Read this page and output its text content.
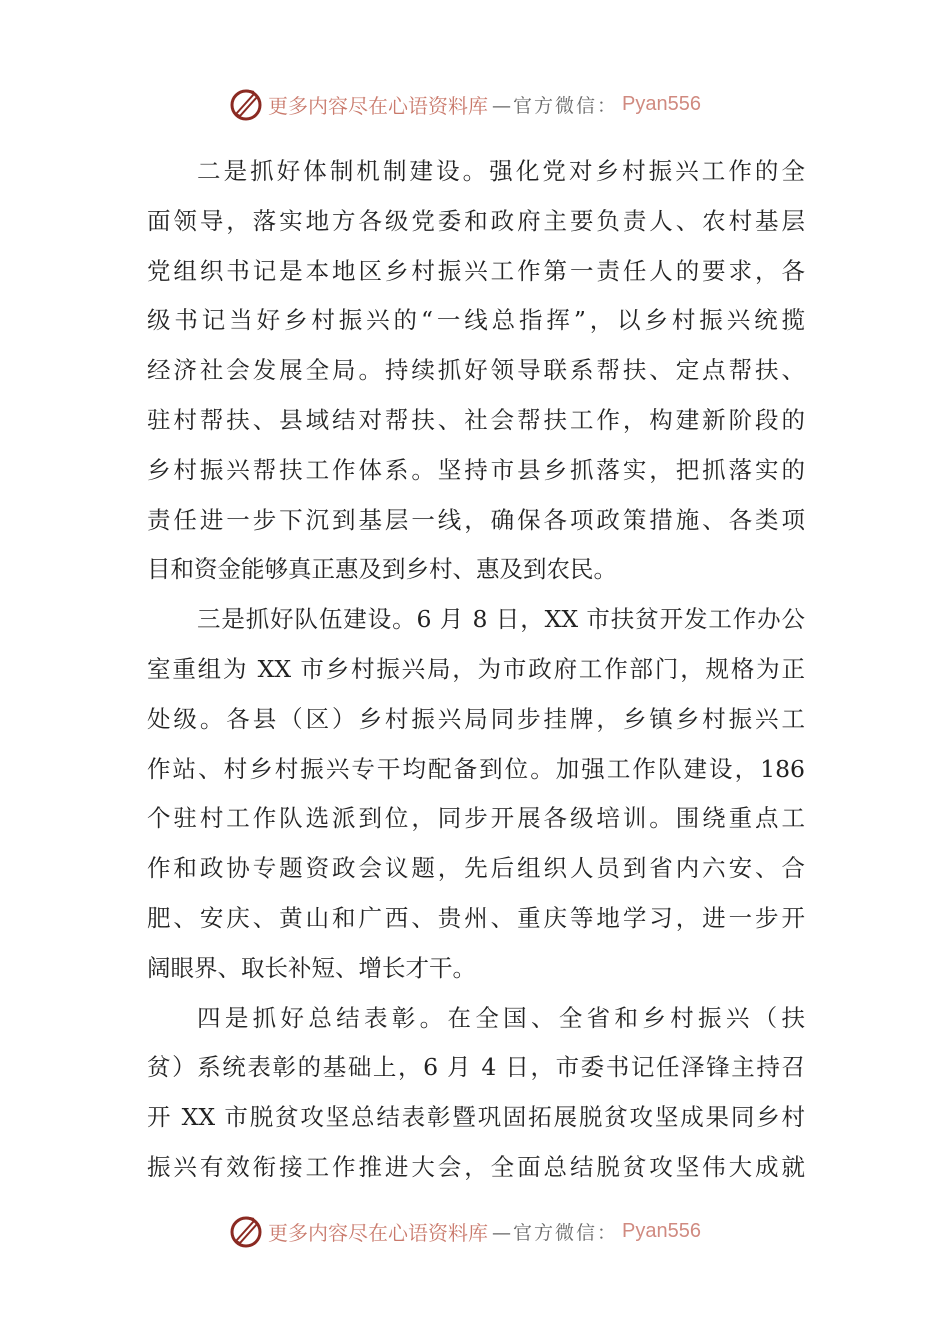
更多内容尽在心语资料库 —官方微信： Pyan556
二是抓好体制机制建设。强化党对乡村振兴工作的全
面领导，落实地方各级党委和政府主要负责人、农村基层
党组织书记是本地区乡村振兴工作第一责任人的要求，各
级书记当好乡村振兴的“一线总指挥”，以乡村振兴统揽
经济社会发展全局。持续抓好领导联系帮扶、定点帮扶、
驻村帮扶、县域结对帮扶、社会帮扶工作，构建新阶段的
乡村振兴帮扶工作体系。坚持市县乡抓落实，把抓落实的
责任进一步下沉到基层一线，确保各项政策措施、各类项
目和资金能够真正惠及到乡村、惠及到农民。
三是抓好队伍建设。6 月 8 日，XX 市扶贫开发工作办公
室重组为 XX 市乡村振兴局，为市政府工作部门，规格为正
处级。各县（区）乡村振兴局同步挂牌，乡镇乡村振兴工
作站、村乡村振兴专干均配备到位。加强工作队建设，186
个驻村工作队选派到位，同步开展各级培训。围绕重点工
作和政协专题资政会议题，先后组织人员到省内六安、合
肥、安庆、黄山和广西、贵州、重庆等地学习，进一步开
阔眼界、取长补短、增长才干。
四是抓好总结表彰。在全国、全省和乡村振兴（扶
贫）系统表彰的基础上，6 月 4 日，市委书记任泽锋主持召
开 XX 市脱贫攻坚总结表彰暨巩固拓展脱贫攻坚成果同乡村
振兴有效衔接工作推进大会，全面总结脱贫攻坚伟大成就
更多内容尽在心语资料库 —官方微信： Pyan556
